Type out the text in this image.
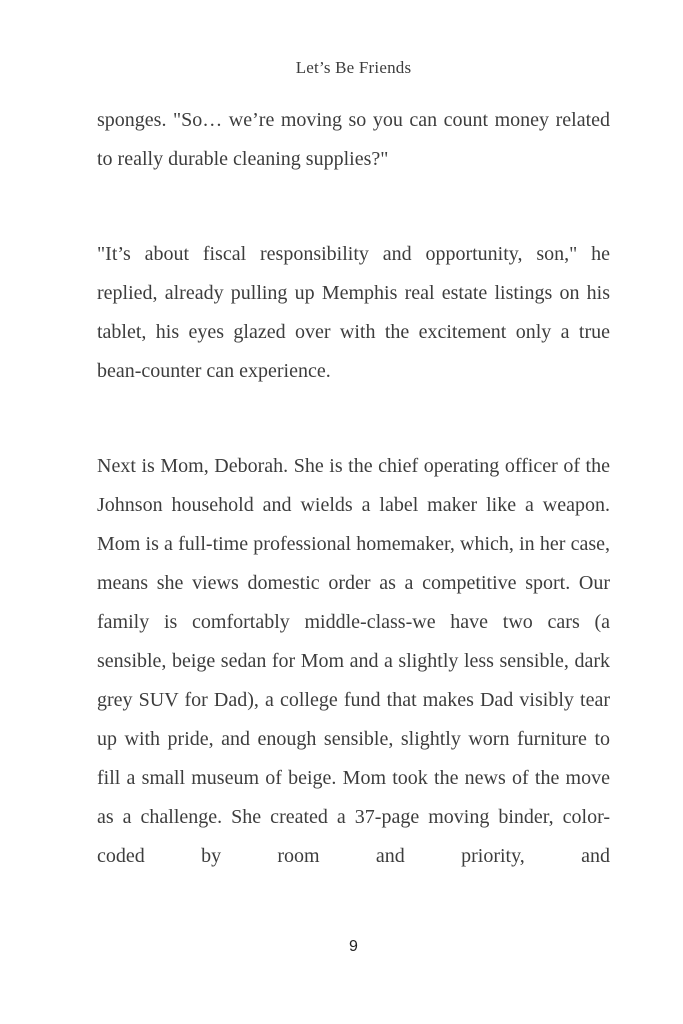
Let’s Be Friends

sponges. "So… we’re moving so you can count money related to really durable cleaning supplies?"

"It’s about fiscal responsibility and opportunity, son," he replied, already pulling up Memphis real estate listings on his tablet, his eyes glazed over with the excitement only a true bean-counter can experience.

Next is Mom, Deborah. She is the chief operating officer of the Johnson household and wields a label maker like a weapon. Mom is a full-time professional homemaker, which, in her case, means she views domestic order as a competitive sport. Our family is comfortably middle-class-we have two cars (a sensible, beige sedan for Mom and a slightly less sensible, dark grey SUV for Dad), a college fund that makes Dad visibly tear up with pride, and enough sensible, slightly worn furniture to fill a small museum of beige. Mom took the news of the move as a challenge. She created a 37-page moving binder, color-coded by room and priority, and

9
